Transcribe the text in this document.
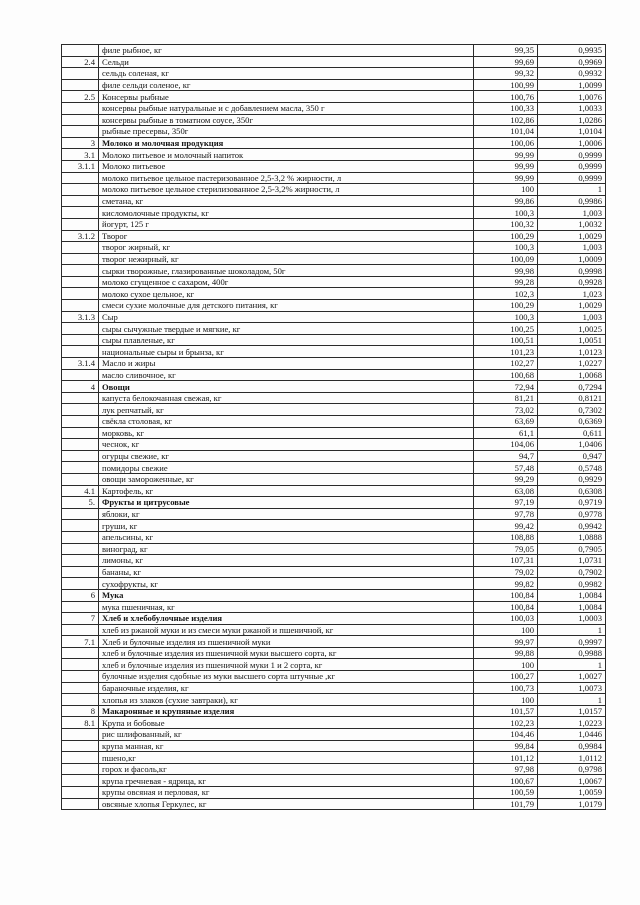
	филе рыбное, кг	99,35	0,9935
2.4	Сельди	99,69	0,9969
	сельдь соленая, кг	99,32	0,9932
	филе сельди соленое, кг	100,99	1,0099
2.5	Консервы рыбные	100,76	1,0076
	консервы рыбные натуральные и с добавлением масла, 350 г	100,33	1,0033
	консервы рыбные в томатном соусе, 350г	102,86	1,0286
	рыбные пресервы, 350г	101,04	1,0104
3	Молоко и молочная продукция	100,06	1,0006
3.1	Молоко питьевое и молочный напиток	99,99	0,9999
3.1.1	Молоко питьевое	99,99	0,9999
	молоко питьевое цельное пастеризованное 2,5-3,2 % жирности, л	99,99	0,9999
	молоко питьевое цельное стерилизованное 2,5-3,2% жирности, л	100	1
	сметана, кг	99,86	0,9986
	кисломолочные продукты, кг	100,3	1,003
	йогурт, 125 г	100,32	1,0032
3.1.2	Творог	100,29	1,0029
	творог жирный, кг	100,3	1,003
	творог нежирный, кг	100,09	1,0009
	сырки творожные, глазированные шоколадом, 50г	99,98	0,9998
	молоко сгущенное с сахаром, 400г	99,28	0,9928
	молоко сухое цельное, кг	102,3	1,023
	смеси сухие молочные для детского питания, кг	100,29	1,0029
3.1.3	Сыр	100,3	1,003
	сыры сычужные твердые и мягкие, кг	100,25	1,0025
	сыры плавленые, кг	100,51	1,0051
	национальные сыры и брынза, кг	101,23	1,0123
3.1.4	Масло и жиры	102,27	1,0227
	масло сливочное, кг	100,68	1,0068
4	Овощи	72,94	0,7294
	капуста белокочанная свежая, кг	81,21	0,8121
	лук репчатый, кг	73,02	0,7302
	свёкла столовая, кг	63,69	0,6369
	морковь, кг	61,1	0,611
	чеснок, кг	104,06	1,0406
	огурцы свежие, кг	94,7	0,947
	помидоры свежие	57,48	0,5748
	овощи замороженные, кг	99,29	0,9929
4.1	Картофель, кг	63,08	0,6308
5.	Фрукты и цитрусовые	97,19	0,9719
	яблоки, кг	97,78	0,9778
	груши, кг	99,42	0,9942
	апельсины, кг	108,88	1,0888
	виноград, кг	79,05	0,7905
	лимоны, кг	107,31	1,0731
	бананы, кг	79,02	0,7902
	сухофрукты, кг	99,82	0,9982
6	Мука	100,84	1,0084
	мука пшеничная, кг	100,84	1,0084
7	Хлеб и хлебобулочные изделия	100,03	1,0003
	хлеб из ржаной муки и из смеси муки ржаной и пшеничной, кг	100	1
7.1	Хлеб и булочные изделия из пшеничной муки	99,97	0,9997
	хлеб и булочные изделия из пшеничной муки высшего сорта, кг	99,88	0,9988
	хлеб и булочные изделия из пшеничной муки 1 и 2 сорта, кг	100	1
	булочные изделия сдобные из муки высшего сорта штучные ,кг	100,27	1,0027
	бараночные изделия, кг	100,73	1,0073
	хлопья из злаков (сухие завтраки), кг	100	1
8	Макаронные и крупяные изделия	101,57	1,0157
8.1	Крупа и бобовые	102,23	1,0223
	рис шлифованный, кг	104,46	1,0446
	крупа манная, кг	99,84	0,9984
	пшено,кг	101,12	1,0112
	горох и фасоль,кг	97,98	0,9798
	крупа гречневая - ядрица, кг	100,67	1,0067
	крупы овсяная и перловая, кг	100,59	1,0059
	овсяные хлопья Геркулес, кг	101,79	1,0179
